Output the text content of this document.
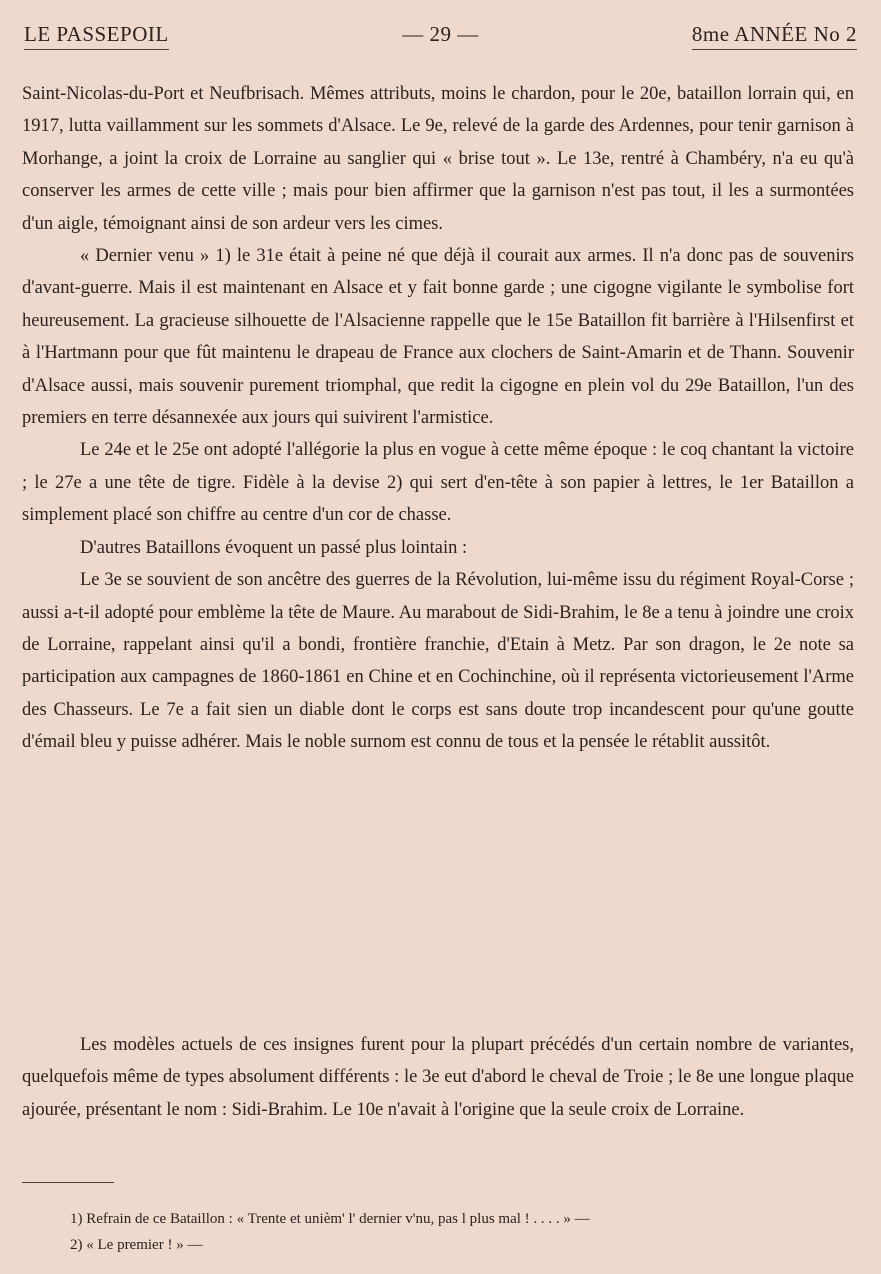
LE PASSEPOIL	— 29 —	8me ANNÉE No 2

Saint-Nicolas-du-Port et Neufbrisach. Mêmes attributs, moins le chardon, pour le 20e, bataillon lorrain qui, en 1917, lutta vaillamment sur les sommets d'Alsace. Le 9e, relevé de la garde des Ardennes, pour tenir garnison à Morhange, a joint la croix de Lorraine au sanglier qui « brise tout ». Le 13e, rentré à Chambéry, n'a eu qu'à conserver les armes de cette ville ; mais pour bien affirmer que la garnison n'est pas tout, il les a surmontées d'un aigle, témoignant ainsi de son ardeur vers les cimes.

« Dernier venu » 1) le 31e était à peine né que déjà il courait aux armes. Il n'a donc pas de souvenirs d'avant-guerre. Mais il est maintenant en Alsace et y fait bonne garde ; une cigogne vigilante le symbolise fort heureusement. La gracieuse silhouette de l'Alsacienne rappelle que le 15e Bataillon fit barrière à l'Hilsenfirst et à l'Hartmann pour que fût maintenu le drapeau de France aux clochers de Saint-Amarin et de Thann. Souvenir d'Alsace aussi, mais souvenir purement triomphal, que redit la cigogne en plein vol du 29e Bataillon, l'un des premiers en terre désannexée aux jours qui suivirent l'armistice.

Le 24e et le 25e ont adopté l'allégorie la plus en vogue à cette même époque : le coq chantant la victoire ; le 27e a une tête de tigre. Fidèle à la devise 2) qui sert d'en-tête à son papier à lettres, le 1er Bataillon a simplement placé son chiffre au centre d'un cor de chasse.

D'autres Bataillons évoquent un passé plus lointain :

Le 3e se souvient de son ancêtre des guerres de la Révolution, lui-même issu du régiment Royal-Corse ; aussi a-t-il adopté pour emblème la tête de Maure. Au marabout de Sidi-Brahim, le 8e a tenu à joindre une croix de Lorraine, rappelant ainsi qu'il a bondi, frontière franchie, d'Etain à Metz. Par son dragon, le 2e note sa participation aux campagnes de 1860-1861 en Chine et en Cochinchine, où il représenta victorieusement l'Arme des Chasseurs. Le 7e a fait sien un diable dont le corps est sans doute trop incandescent pour qu'une goutte d'émail bleu y puisse adhérer. Mais le noble surnom est connu de tous et la pensée le rétablit aussitôt.

Les modèles actuels de ces insignes furent pour la plupart précédés d'un certain nombre de variantes, quelquefois même de types absolument différents : le 3e eut d'abord le cheval de Troie ; le 8e une longue plaque ajourée, présentant le nom : Sidi-Brahim. Le 10e n'avait à l'origine que la seule croix de Lorraine.

1) Refrain de ce Bataillon : « Trente et unièm' l' dernier v'nu, pas l plus mal ! . . . . » —
2) « Le premier ! » —
